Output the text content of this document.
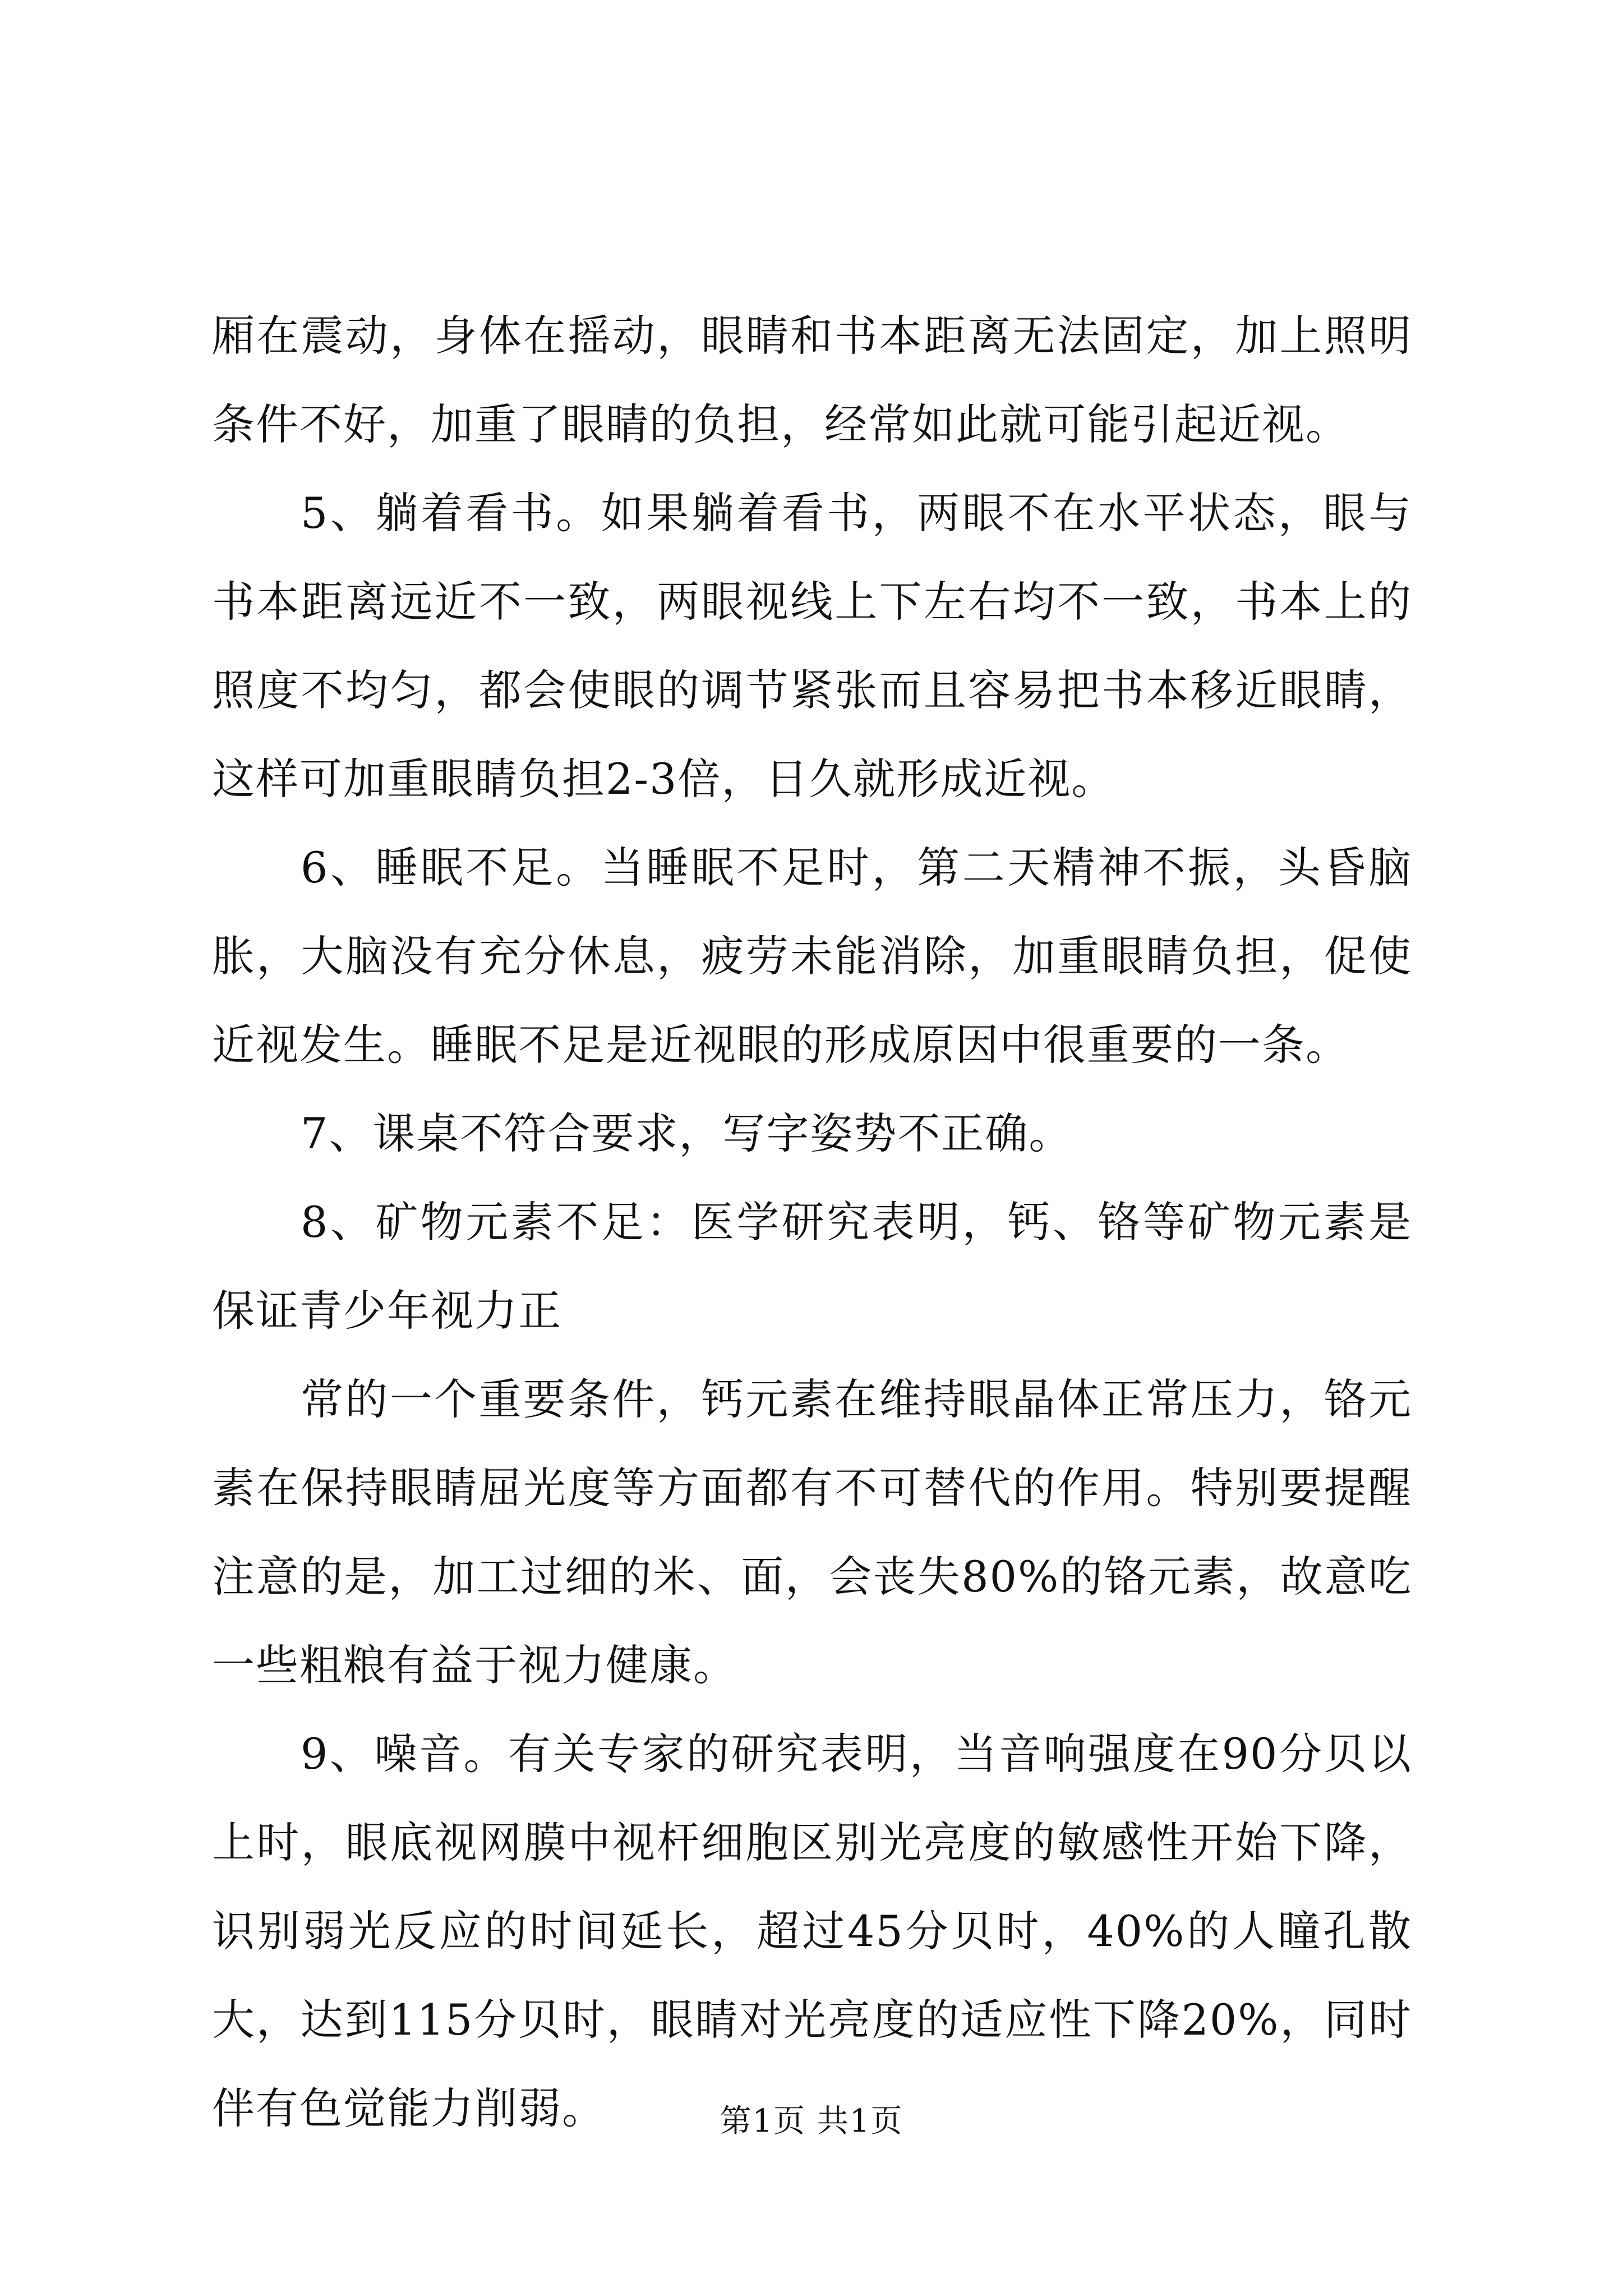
厢在震动，身体在摇动，眼睛和书本距离无法固定，加上照明条件不好，加重了眼睛的负担，经常如此就可能引起近视。

5、躺着看书。如果躺着看书，两眼不在水平状态，眼与书本距离远近不一致，两眼视线上下左右均不一致，书本上的照度不均匀，都会使眼的调节紧张而且容易把书本移近眼睛，这样可加重眼睛负担2-3倍，日久就形成近视。

6、睡眠不足。当睡眠不足时，第二天精神不振，头昏脑胀，大脑没有充分休息，疲劳未能消除，加重眼睛负担，促使近视发生。睡眠不足是近视眼的形成原因中很重要的一条。

7、课桌不符合要求，写字姿势不正确。

8、矿物元素不足：医学研究表明，钙、铬等矿物元素是保证青少年视力正

常的一个重要条件，钙元素在维持眼晶体正常压力，铬元素在保持眼睛屈光度等方面都有不可替代的作用。特别要提醒注意的是，加工过细的米、面，会丧失80%的铬元素，故意吃一些粗粮有益于视力健康。

9、噪音。有关专家的研究表明，当音响强度在90分贝以上时，眼底视网膜中视杆细胞区别光亮度的敏感性开始下降，识别弱光反应的时间延长，超过45分贝时，40%的人瞳孔散大，达到115分贝时，眼睛对光亮度的适应性下降20%，同时伴有色觉能力削弱。	第1页 共1页
